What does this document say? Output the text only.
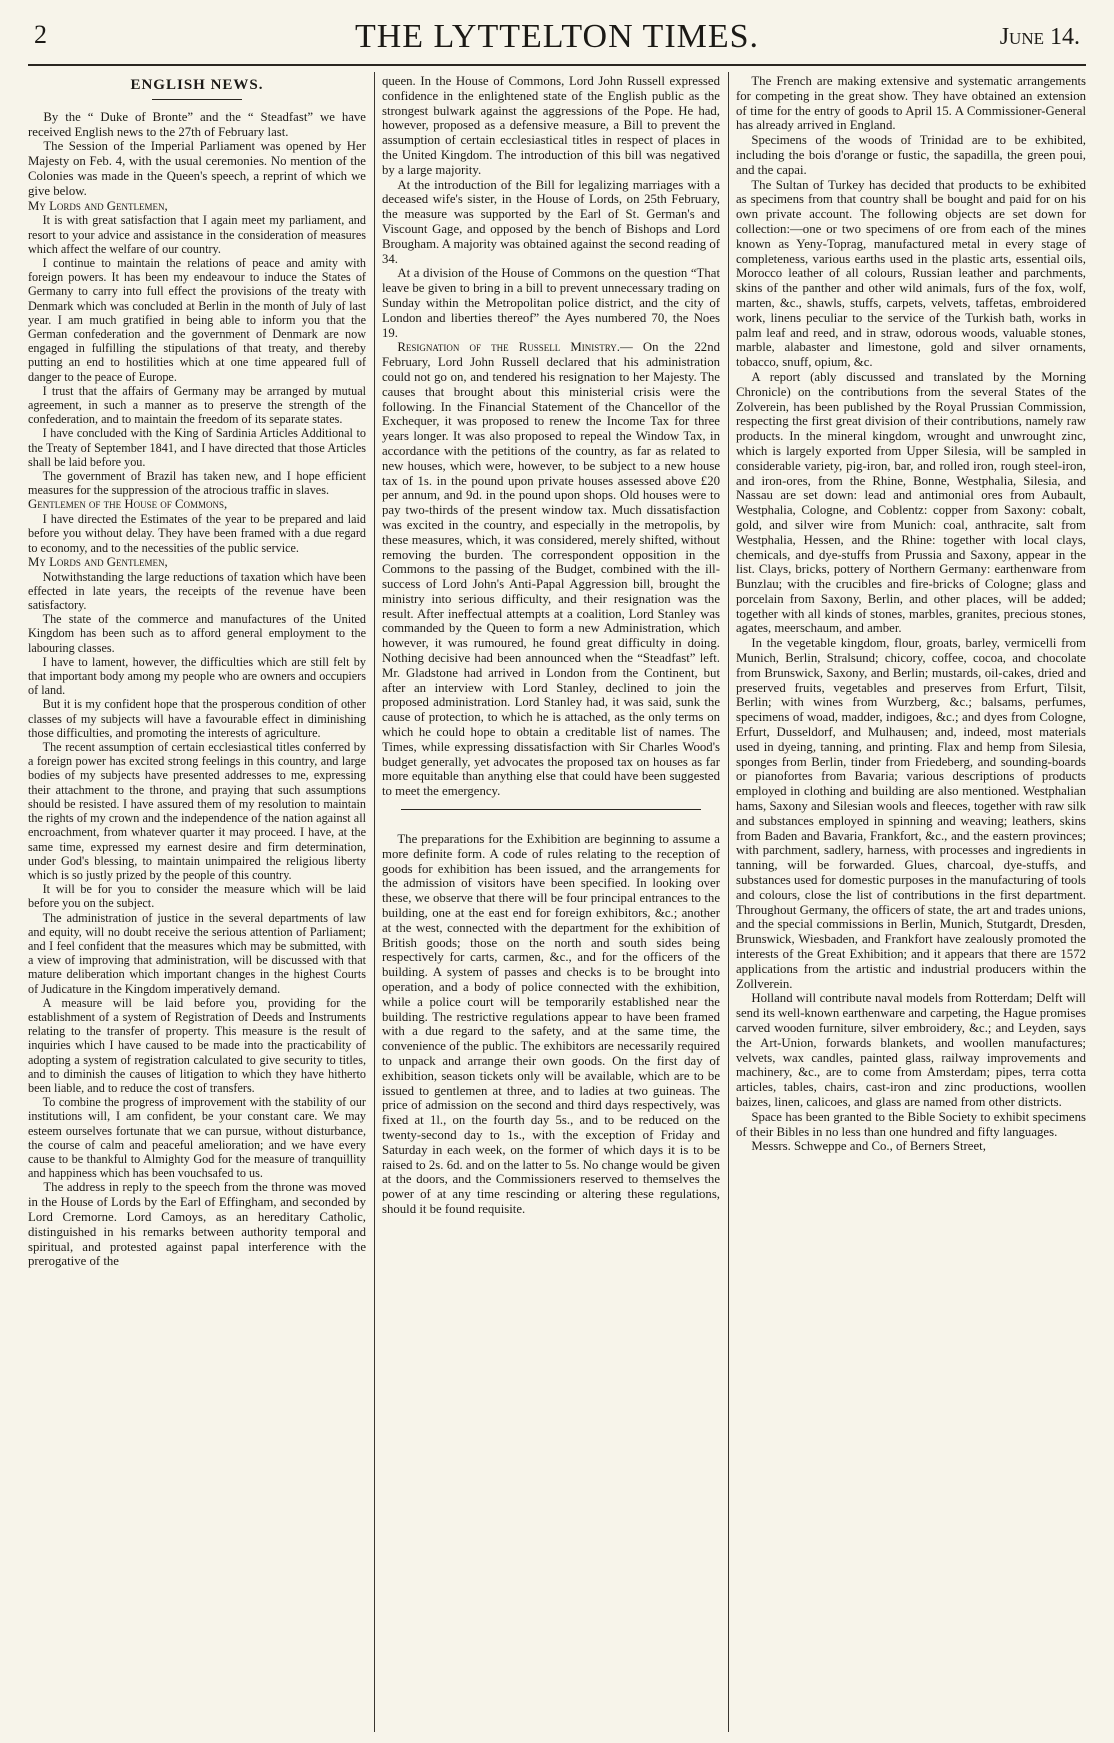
2	THE LYTTELTON TIMES.	June 14.
ENGLISH NEWS.

By the “ Duke of Bronte” and the “ Steadfast” we have received English news to the 27th of February last.

The Session of the Imperial Parliament was opened by Her Majesty on Feb. 4, with the usual ceremonies. No mention of the Colonies was made in the Queen's speech, a reprint of which we give below.

My Lords and Gentlemen,

It is with great satisfaction that I again meet my parliament, and resort to your advice and assistance in the consideration of measures which affect the welfare of our country.

I continue to maintain the relations of peace and amity with foreign powers. It has been my endeavour to induce the States of Germany to carry into full effect the provisions of the treaty with Denmark which was concluded at Berlin in the month of July of last year. I am much gratified in being able to inform you that the German confederation and the government of Denmark are now engaged in fulfilling the stipulations of that treaty, and thereby putting an end to hostilities which at one time appeared full of danger to the peace of Europe.

I trust that the affairs of Germany may be arranged by mutual agreement, in such a manner as to preserve the strength of the confederation, and to maintain the freedom of its separate states.

I have concluded with the King of Sardinia Articles Additional to the Treaty of September 1841, and I have directed that those Articles shall be laid before you.

The government of Brazil has taken new, and I hope efficient measures for the suppression of the atrocious traffic in slaves.

Gentlemen of the House of Commons,

I have directed the Estimates of the year to be prepared and laid before you without delay. They have been framed with a due regard to economy, and to the necessities of the public service.

My Lords and Gentlemen,

Notwithstanding the large reductions of taxation which have been effected in late years, the receipts of the revenue have been satisfactory.

The state of the commerce and manufactures of the United Kingdom has been such as to afford general employment to the labouring classes.

I have to lament, however, the difficulties which are still felt by that important body among my people who are owners and occupiers of land.

But it is my confident hope that the prosperous condition of other classes of my subjects will have a favourable effect in diminishing those difficulties, and promoting the interests of agriculture.

The recent assumption of certain ecclesiastical titles conferred by a foreign power has excited strong feelings in this country, and large bodies of my subjects have presented addresses to me, expressing their attachment to the throne, and praying that such assumptions should be resisted. I have assured them of my resolution to maintain the rights of my crown and the independence of the nation against all encroachment, from whatever quarter it may proceed. I have, at the same time, expressed my earnest desire and firm determination, under God's blessing, to maintain unimpaired the religious liberty which is so justly prized by the people of this country.

It will be for you to consider the measure which will be laid before you on the subject.

The administration of justice in the several departments of law and equity, will no doubt receive the serious attention of Parliament; and I feel confident that the measures which may be submitted, with a view of improving that administration, will be discussed with that mature deliberation which important changes in the highest Courts of Judicature in the Kingdom imperatively demand.

A measure will be laid before you, providing for the establishment of a system of Registration of Deeds and Instruments relating to the transfer of property. This measure is the result of inquiries which I have caused to be made into the practicability of adopting a system of registration calculated to give security to titles, and to diminish the causes of litigation to which they have hitherto been liable, and to reduce the cost of transfers.

To combine the progress of improvement with the stability of our institutions will, I am confident, be your constant care. We may esteem ourselves fortunate that we can pursue, without disturbance, the course of calm and peaceful amelioration; and we have every cause to be thankful to Almighty God for the measure of tranquillity and happiness which has been vouchsafed to us.

The address in reply to the speech from the throne was moved in the House of Lords by the Earl of Effingham, and seconded by Lord Cremorne. Lord Camoys, as an hereditary Catholic, distinguished in his remarks between authority temporal and spiritual, and protested against papal interference with the prerogative of the

queen. In the House of Commons, Lord John Russell expressed confidence in the enlightened state of the English public as the strongest bulwark against the aggressions of the Pope. He had, however, proposed as a defensive measure, a Bill to prevent the assumption of certain ecclesiastical titles in respect of places in the United Kingdom. The introduction of this bill was negatived by a large majority.

At the introduction of the Bill for legalizing marriages with a deceased wife's sister, in the House of Lords, on 25th February, the measure was supported by the Earl of St. German's and Viscount Gage, and opposed by the bench of Bishops and Lord Brougham. A majority was obtained against the second reading of 34.

At a division of the House of Commons on the question “That leave be given to bring in a bill to prevent unnecessary trading on Sunday within the Metropolitan police district, and the city of London and liberties thereof” the Ayes numbered 70, the Noes 19.

Resignation of the Russell Ministry.— On the 22nd February, Lord John Russell declared that his administration could not go on, and tendered his resignation to her Majesty. The causes that brought about this ministerial crisis were the following. In the Financial Statement of the Chancellor of the Exchequer, it was proposed to renew the Income Tax for three years longer. It was also proposed to repeal the Window Tax, in accordance with the petitions of the country, as far as related to new houses, which were, however, to be subject to a new house tax of 1s. in the pound upon private houses assessed above £20 per annum, and 9d. in the pound upon shops. Old houses were to pay two-thirds of the present window tax. Much dissatisfaction was excited in the country, and especially in the metropolis, by these measures, which, it was considered, merely shifted, without removing the burden. The correspondent opposition in the Commons to the passing of the Budget, combined with the ill-success of Lord John's Anti-Papal Aggression bill, brought the ministry into serious difficulty, and their resignation was the result. After ineffectual attempts at a coalition, Lord Stanley was commanded by the Queen to form a new Administration, which however, it was rumoured, he found great difficulty in doing. Nothing decisive had been announced when the “Steadfast” left. Mr. Gladstone had arrived in London from the Continent, but after an interview with Lord Stanley, declined to join the proposed administration. Lord Stanley had, it was said, sunk the cause of protection, to which he is attached, as the only terms on which he could hope to obtain a creditable list of names. The Times, while expressing dissatisfaction with Sir Charles Wood's budget generally, yet advocates the proposed tax on houses as far more equitable than anything else that could have been suggested to meet the emergency.

The preparations for the Exhibition are beginning to assume a more definite form. A code of rules relating to the reception of goods for exhibition has been issued, and the arrangements for the admission of visitors have been specified. In looking over these, we observe that there will be four principal entrances to the building, one at the east end for foreign exhibitors, &c.; another at the west, connected with the department for the exhibition of British goods; those on the north and south sides being respectively for carts, carmen, &c., and for the officers of the building. A system of passes and checks is to be brought into operation, and a body of police connected with the exhibition, while a police court will be temporarily established near the building. The restrictive regulations appear to have been framed with a due regard to the safety, and at the same time, the convenience of the public. The exhibitors are necessarily required to unpack and arrange their own goods. On the first day of exhibition, season tickets only will be available, which are to be issued to gentlemen at three, and to ladies at two guineas. The price of admission on the second and third days respectively, was fixed at 1l., on the fourth day 5s., and to be reduced on the twenty-second day to 1s., with the exception of Friday and Saturday in each week, on the former of which days it is to be raised to 2s. 6d. and on the latter to 5s. No change would be given at the doors, and the Commissioners reserved to themselves the power of at any time rescinding or altering these regulations, should it be found requisite.

The French are making extensive and systematic arrangements for competing in the great show. They have obtained an extension of time for the entry of goods to April 15. A Commissioner-General has already arrived in England.

Specimens of the woods of Trinidad are to be exhibited, including the bois d'orange or fustic, the sapadilla, the green poui, and the capai.

The Sultan of Turkey has decided that products to be exhibited as specimens from that country shall be bought and paid for on his own private account. The following objects are set down for collection:—one or two specimens of ore from each of the mines known as Yeny-Toprag, manufactured metal in every stage of completeness, various earths used in the plastic arts, essential oils, Morocco leather of all colours, Russian leather and parchments, skins of the panther and other wild animals, furs of the fox, wolf, marten, &c., shawls, stuffs, carpets, velvets, taffetas, embroidered work, linens peculiar to the service of the Turkish bath, works in palm leaf and reed, and in straw, odorous woods, valuable stones, marble, alabaster and limestone, gold and silver ornaments, tobacco, snuff, opium, &c.

A report (ably discussed and translated by the Morning Chronicle) on the contributions from the several States of the Zolverein, has been published by the Royal Prussian Commission, respecting the first great division of their contributions, namely raw products. In the mineral kingdom, wrought and unwrought zinc, which is largely exported from Upper Silesia, will be sampled in considerable variety, pig-iron, bar, and rolled iron, rough steel-iron, and iron-ores, from the Rhine, Bonne, Westphalia, Silesia, and Nassau are set down: lead and antimonial ores from Aubault, Westphalia, Cologne, and Coblentz: copper from Saxony: cobalt, gold, and silver wire from Munich: coal, anthracite, salt from Westphalia, Hessen, and the Rhine: together with local clays, chemicals, and dye-stuffs from Prussia and Saxony, appear in the list. Clays, bricks, pottery of Northern Germany: earthenware from Bunzlau; with the crucibles and fire-bricks of Cologne; glass and porcelain from Saxony, Berlin, and other places, will be added; together with all kinds of stones, marbles, granites, precious stones, agates, meerschaum, and amber.

In the vegetable kingdom, flour, groats, barley, vermicelli from Munich, Berlin, Stralsund; chicory, coffee, cocoa, and chocolate from Brunswick, Saxony, and Berlin; mustards, oil-cakes, dried and preserved fruits, vegetables and preserves from Erfurt, Tilsit, Berlin; with wines from Wurzberg, &c.; balsams, perfumes, specimens of woad, madder, indigoes, &c.; and dyes from Cologne, Erfurt, Dusseldorf, and Mulhausen; and, indeed, most materials used in dyeing, tanning, and printing. Flax and hemp from Silesia, sponges from Berlin, tinder from Friedeberg, and sounding-boards or pianofortes from Bavaria; various descriptions of products employed in clothing and building are also mentioned. Westphalian hams, Saxony and Silesian wools and fleeces, together with raw silk and substances employed in spinning and weaving; leathers, skins from Baden and Bavaria, Frankfort, &c., and the eastern provinces; with parchment, sadlery, harness, with processes and ingredients in tanning, will be forwarded. Glues, charcoal, dye-stuffs, and substances used for domestic purposes in the manufacturing of tools and colours, close the list of contributions in the first department. Throughout Germany, the officers of state, the art and trades unions, and the special commissions in Berlin, Munich, Stutgardt, Dresden, Brunswick, Wiesbaden, and Frankfort have zealously promoted the interests of the Great Exhibition; and it appears that there are 1572 applications from the artistic and industrial producers within the Zollverein.

Holland will contribute naval models from Rotterdam; Delft will send its well-known earthenware and carpeting, the Hague promises carved wooden furniture, silver embroidery, &c.; and Leyden, says the Art-Union, forwards blankets, and woollen manufactures; velvets, wax candles, painted glass, railway improvements and machinery, &c., are to come from Amsterdam; pipes, terra cotta articles, tables, chairs, cast-iron and zinc productions, woollen baizes, linen, calicoes, and glass are named from other districts.

Space has been granted to the Bible Society to exhibit specimens of their Bibles in no less than one hundred and fifty languages.

Messrs. Schweppe and Co., of Berners Street,
